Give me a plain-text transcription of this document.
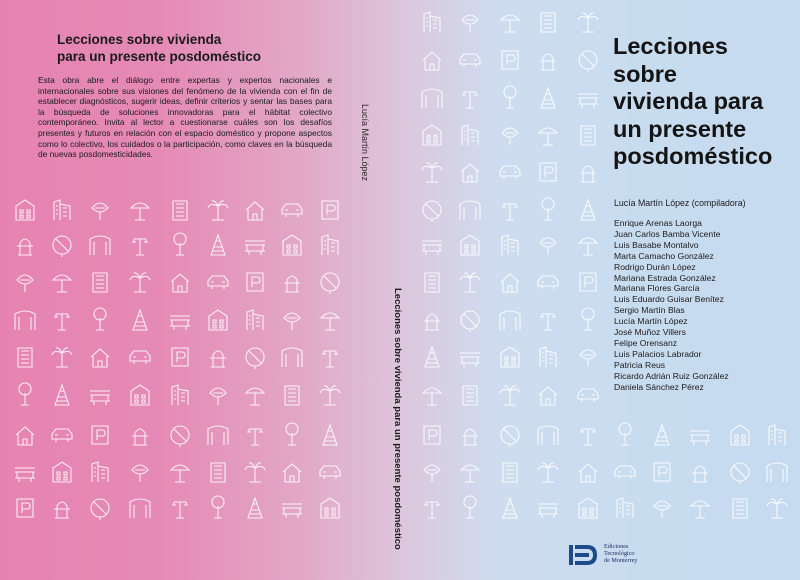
Lecciones sobre vivienda
para un presente posdoméstico
Esta obra abre el diálogo entre expertas y expertos nacionales e internacionales sobre sus visiones del fenómeno de la vivienda con el fin de establecer diagnósticos, sugerir ideas, definir criterios y sentar las bases para la búsqueda de soluciones innovadoras para el hábitat colectivo contemporáneo. Invita al lector a cuestionarse cuáles son los desafíos presentes y futuros en relación con el espacio doméstico y propone aspectos como lo colectivo, los cuidados o la participación, como claves en la búsqueda de nuevas posdomesticidades.	Lucía Martín López
Lecciones sobre vivienda para un presente posdoméstico
Lecciones
sobre
vivienda para
un presente
posdoméstico
Lucía Martín López (compiladora)
Enrique Arenas Laorga
Juan Carlos Bamba Vicente
Luis Basabe Montalvo
Marta Camacho González
Rodrigo Durán López
Mariana Estrada González
Mariana Flores García
Luis Eduardo Guisar Benítez
Sergio Martín Blas
Lucía Martín López
José Muñoz Villers
Felipe Orensanz
Luis Palacios Labrador
Patricia Reus
Ricardo Adrián Ruiz González
Daniela Sánchez Pérez
Ediciones
Tecnológico
de Monterrey
